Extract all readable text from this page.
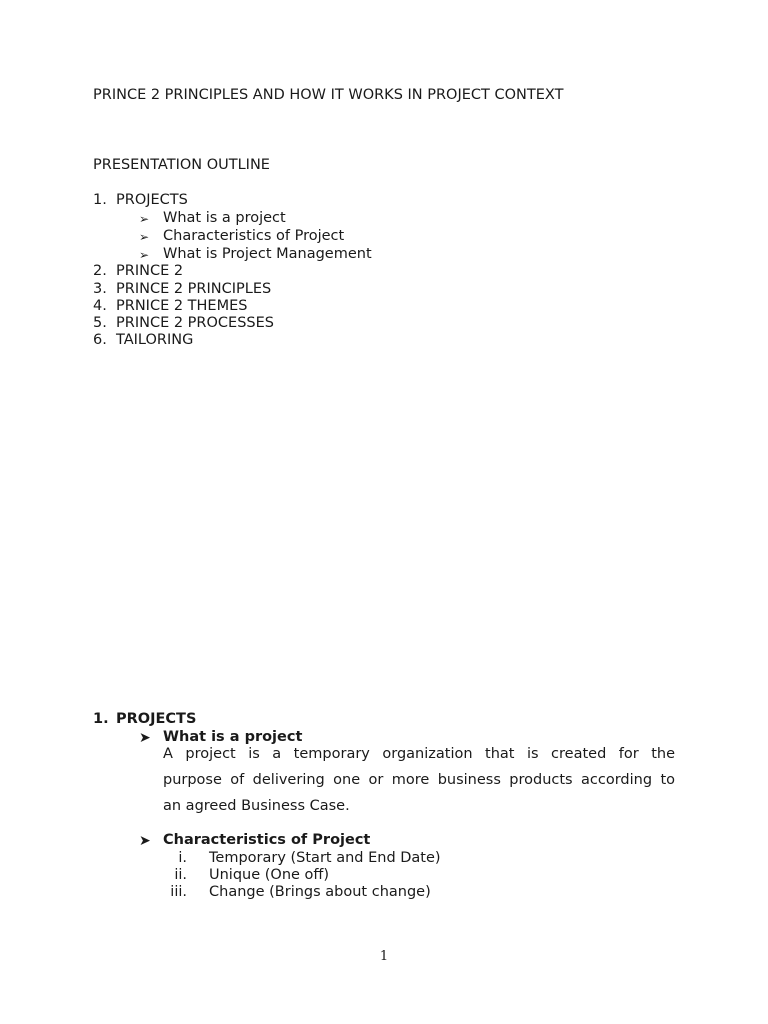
PRINCE 2 PRINCIPLES AND HOW IT WORKS IN PROJECT CONTEXT
PRESENTATION OUTLINE
1. PROJECTS
➢ What is a project
➢ Characteristics of Project
➢ What is Project Management
2. PRINCE 2
3. PRINCE 2 PRINCIPLES
4. PRNICE 2 THEMES
5. PRINCE 2 PROCESSES
6. TAILORING
1. PROJECTS
➤ What is a project
A project is a temporary organization that is created for the
purpose of delivering one or more business products according to
an agreed Business Case.
➤ Characteristics of Project
i. Temporary (Start and End Date)
ii. Unique (One off)
iii. Change (Brings about change)
1
